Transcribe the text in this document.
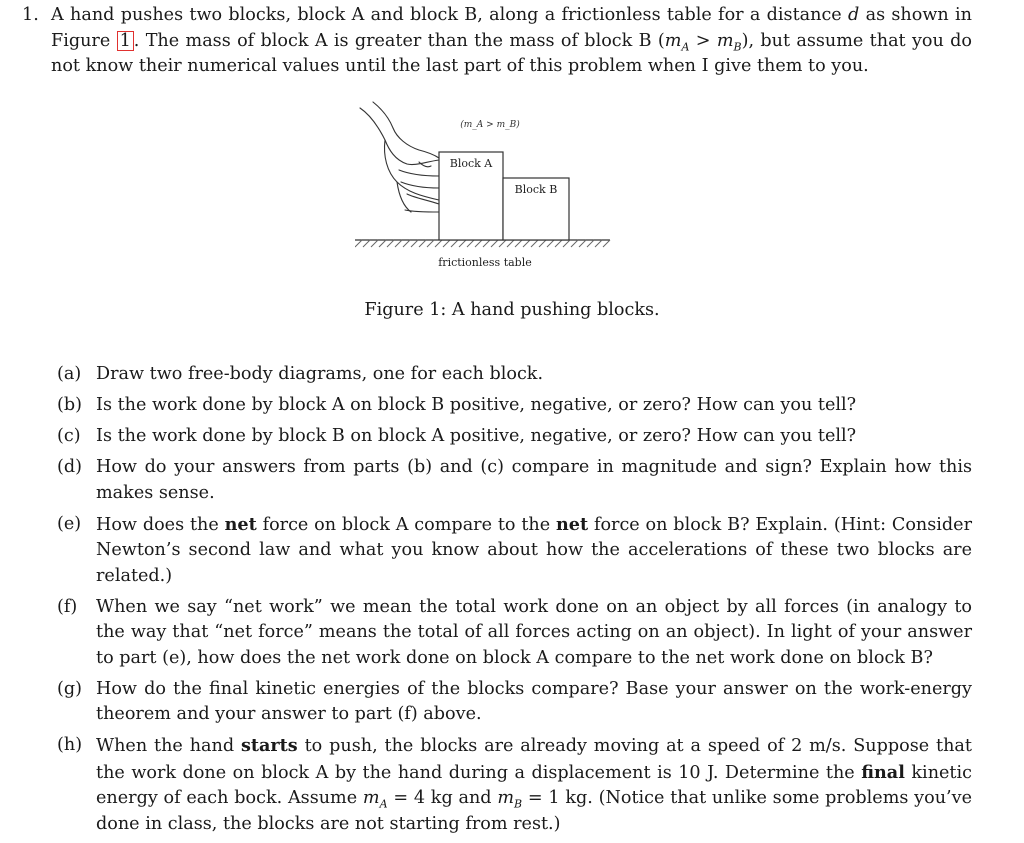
1. A hand pushes two blocks, block A and block B, along a frictionless table for a distance d as shown in Figure 1 . The mass of block A is greater than the mass of block B $(m_A > m_B)$, but assume that you do not know their numerical values until the last part of this problem when I give them to you.
(m_A > m_B)
Block A
Block B
frictionless table
Figure 1: A hand pushing blocks.
(a) Draw two free-body diagrams, one for each block.
(b) Is the work done by block A on block B positive, negative, or zero? How can you tell?
(c) Is the work done by block B on block A positive, negative, or zero? How can you tell?
(d) How do your answers from parts (b) and (c) compare in magnitude and sign? Explain how this makes sense.
(e) How does the net force on block A compare to the net force on block B? Explain. (Hint: Consider Newton’s second law and what you know about how the accelerations of these two blocks are related.)
(f) When we say “net work” we mean the total work done on an object by all forces (in analogy to the way that “net force” means the total of all forces acting on an object). In light of your answer to part (e), how does the net work done on block A compare to the net work done on block B?
(g) How do the final kinetic energies of the blocks compare? Base your answer on the work-energy theorem and your answer to part (f) above.
(h) When the hand starts to push, the blocks are already moving at a speed of 2 m/s. Suppose that the work done on block A by the hand during a displacement is 10 J. Determine the final kinetic energy of each bock. Assume $m_A = 4$ kg and $m_B = 1$ kg. (Notice that unlike some problems you’ve done in class, the blocks are not starting from rest.)
